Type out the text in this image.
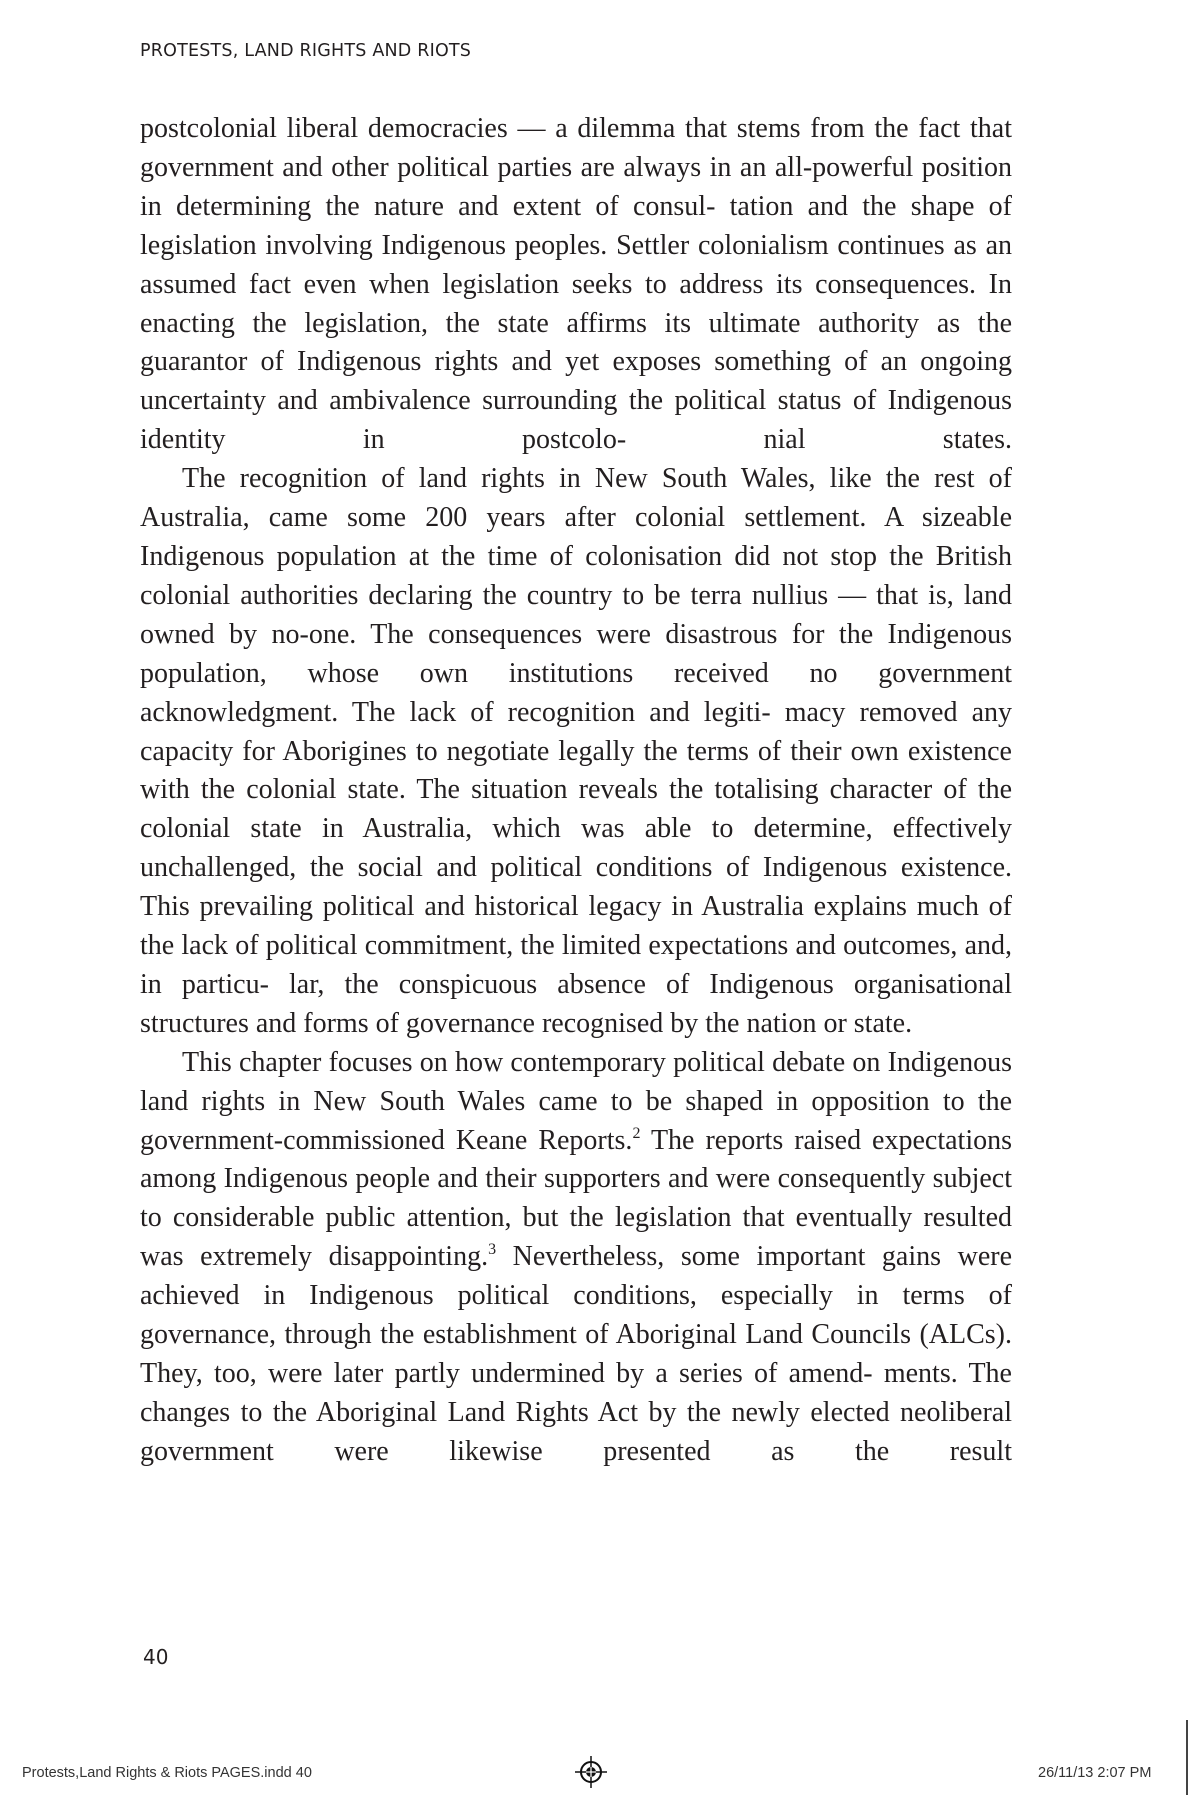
PROTESTS, LAND RIGHTS AND RIOTS

postcolonial liberal democracies — a dilemma that stems from the fact that government and other political parties are always in an all-powerful position in determining the nature and extent of consul- tation and the shape of legislation involving Indigenous peoples. Settler colonialism continues as an assumed fact even when legislation seeks to address its consequences. In enacting the legislation, the state affirms its ultimate authority as the guarantor of Indigenous rights and yet exposes something of an ongoing uncertainty and ambivalence surrounding the political status of Indigenous identity in postcolo-	nial states.

The recognition of land rights in New South Wales, like the rest of Australia, came some 200 years after colonial settlement. A sizeable Indigenous population at the time of colonisation did not stop the British colonial authorities declaring the country to be terra nullius — that is, land owned by no-one. The consequences were disastrous for the Indigenous population, whose own institutions received no government acknowledgment. The lack of recognition and legiti- macy removed any capacity for Aborigines to negotiate legally the terms of their own existence with the colonial state. The situation reveals the totalising character of the colonial state in Australia, which was able to determine, effectively unchallenged, the social and political conditions of Indigenous existence. This prevailing political and historical legacy in Australia explains much of the lack of political commitment, the limited expectations and outcomes, and, in particu- lar, the conspicuous absence of Indigenous organisational structures and forms of governance recognised by the nation or state.

This chapter focuses on how contemporary political debate on Indigenous land rights in New South Wales came to be shaped in opposition to the government-commissioned Keane Reports.$^2$ The reports raised expectations among Indigenous people and their supporters and were consequently subject to considerable public attention, but the legislation that eventually resulted was extremely disappointing.$^3$ Nevertheless, some important gains were achieved in Indigenous political conditions, especially in terms of governance, through the establishment of Aboriginal Land Councils (ALCs). They, too, were later partly undermined by a series of amend- ments. The changes to the Aboriginal Land Rights Act by the newly elected neoliberal government were likewise presented as the result

40
Protests,Land Rights & Riots PAGES.indd 40	26/11/13 2:07 PM
